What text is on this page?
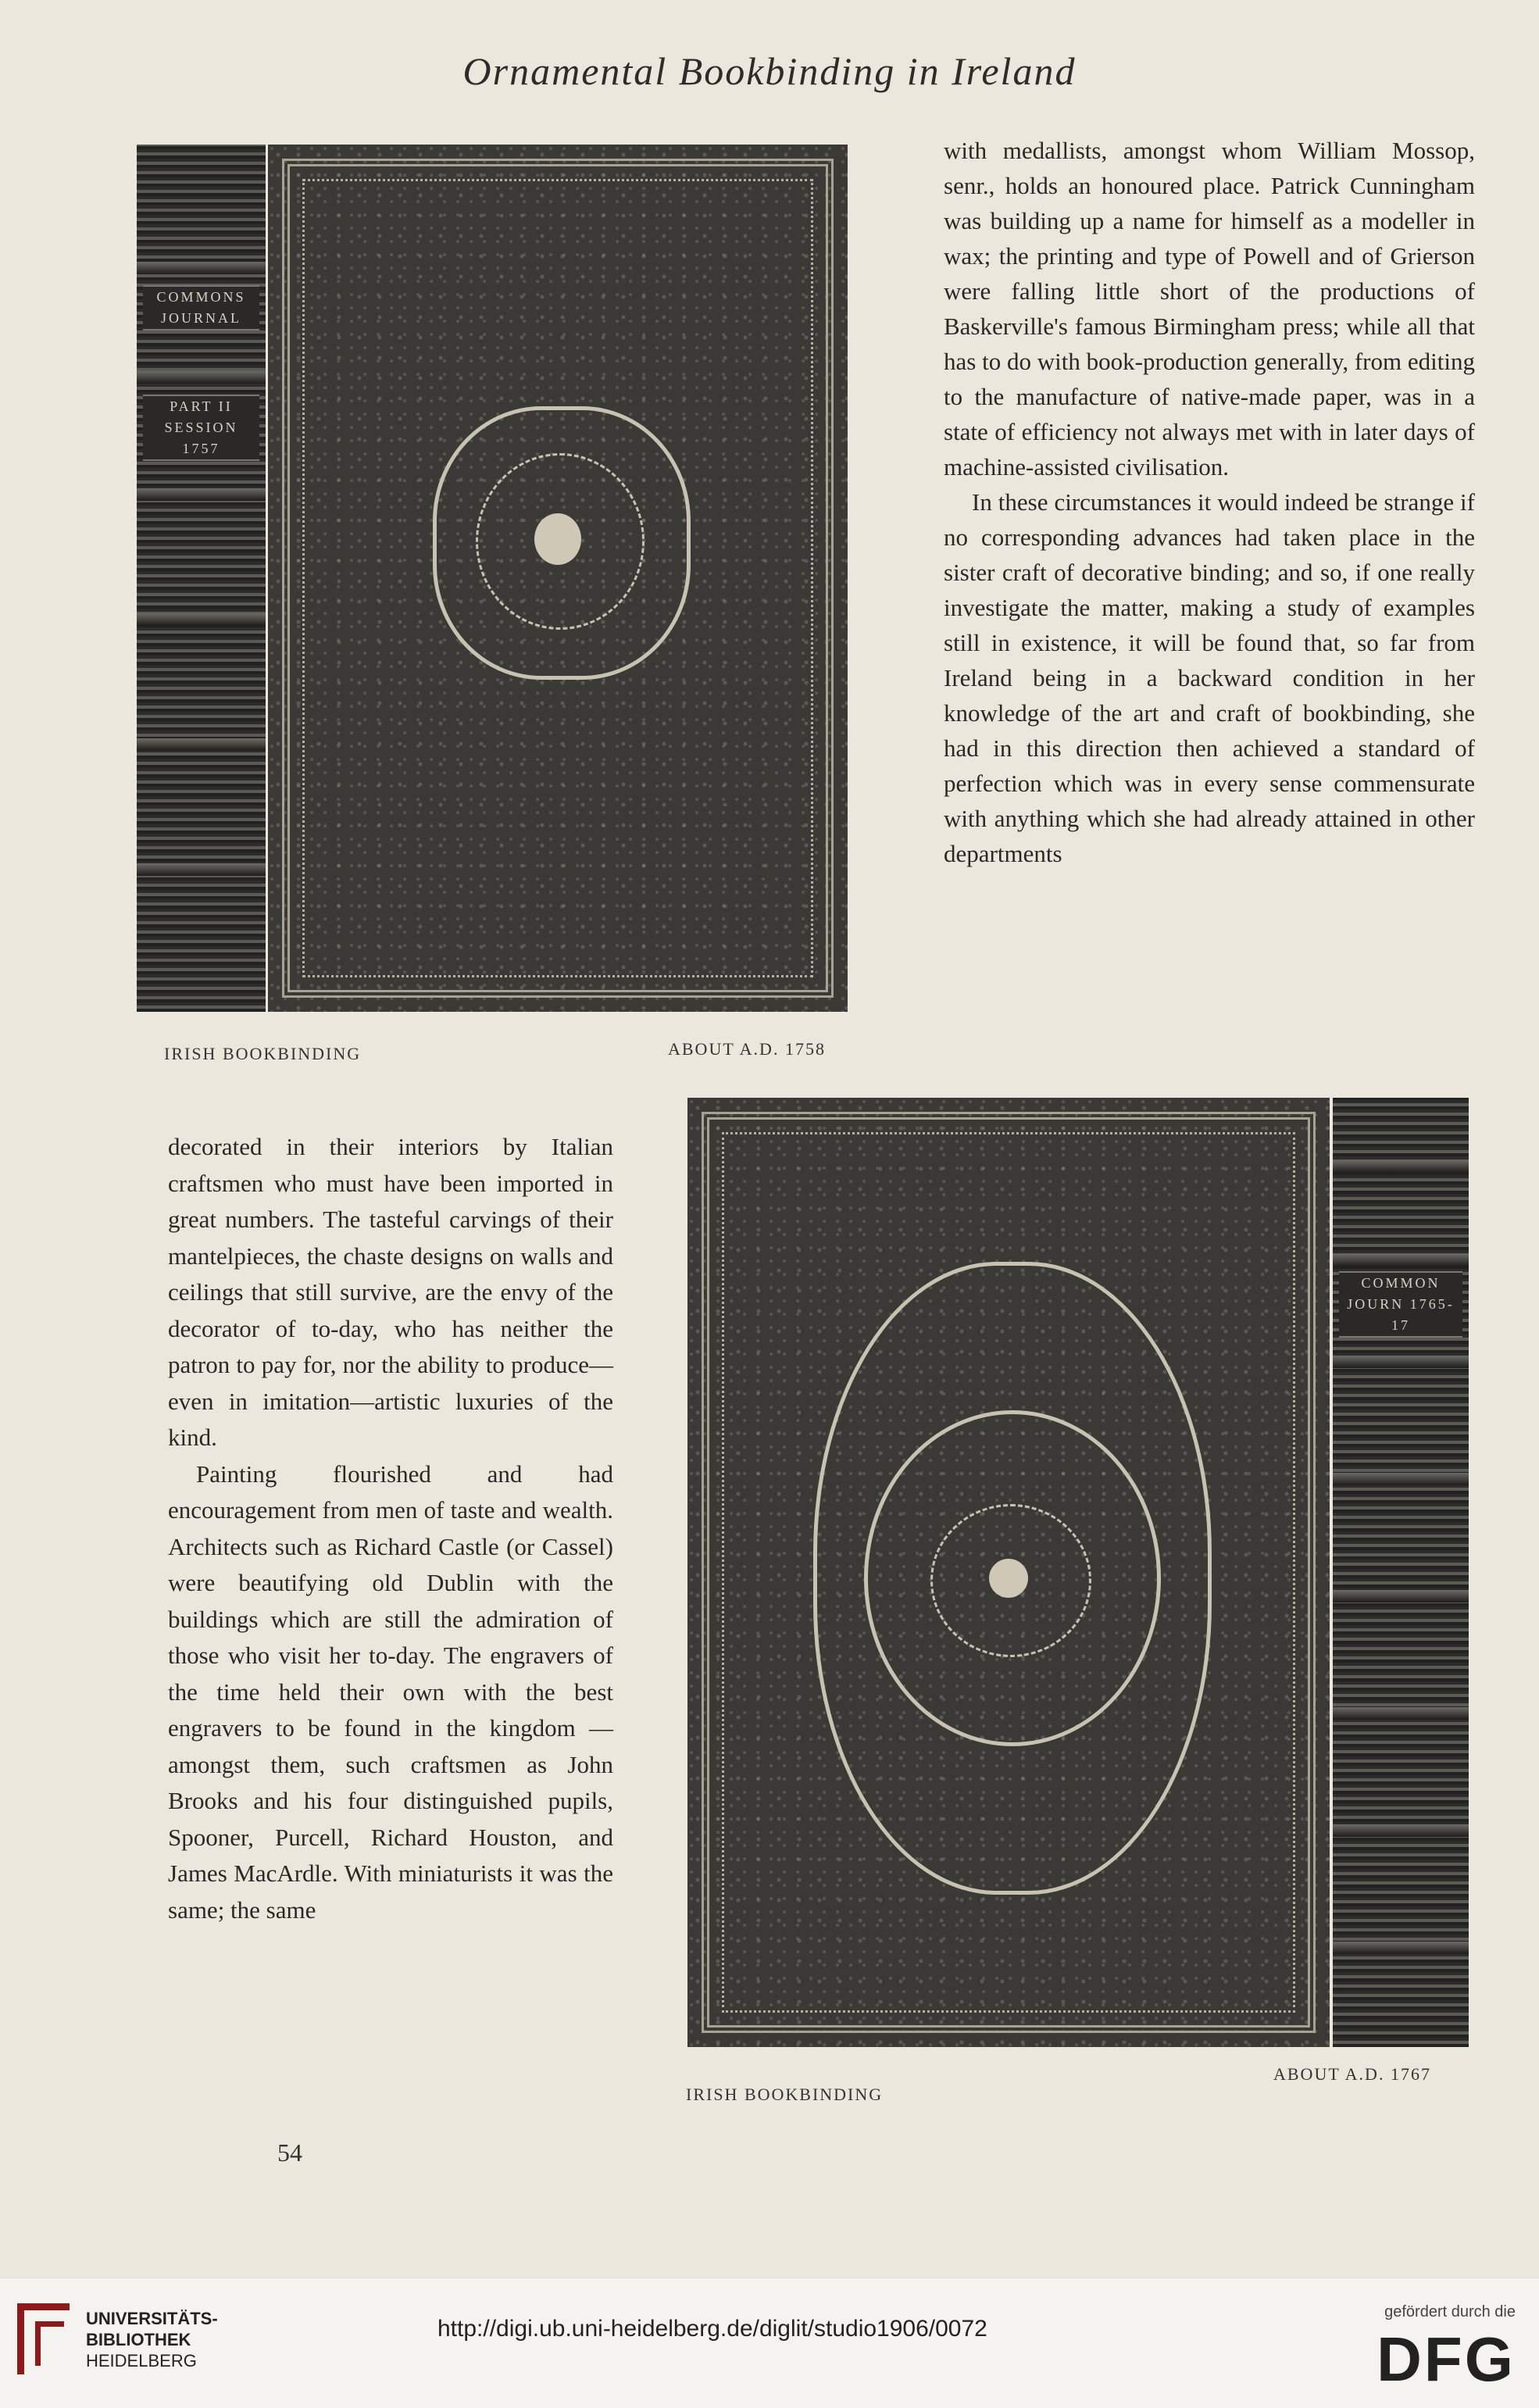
Ornamental Bookbinding in Ireland
COMMONS JOURNAL
PART II SESSION 1757
IRISH BOOKBINDING	ABOUT A.D. 1758

with medallists, amongst whom William Mossop, senr., holds an honoured place. Patrick Cunningham was building up a name for himself as a modeller in wax; the printing and type of Powell and of Grierson were falling little short of the productions of Baskerville's famous Birmingham press; while all that has to do with book-production generally, from editing to the manufacture of native-made paper, was in a state of efficiency not always met with in later days of machine-assisted civilisation.

In these circumstances it would indeed be strange if no corresponding advances had taken place in the sister craft of decorative binding; and so, if one really investigate the matter, making a study of examples still in existence, it will be found that, so far from Ireland being in a backward condition in her knowledge of the art and craft of bookbinding, she had in this direction then achieved a standard of perfection which was in every sense commensurate with anything which she had already attained in other departments

COMMON JOURN 1765-17
IRISH BOOKBINDING
ABOUT A.D. 1767

decorated in their interiors by Italian craftsmen who must have been imported in great numbers. The tasteful carvings of their mantelpieces, the chaste designs on walls and ceilings that still survive, are the envy of the decorator of to-day, who has neither the patron to pay for, nor the ability to produce—even in imitation—artistic luxuries of the kind.

Painting flourished and had encouragement from men of taste and wealth. Architects such as Richard Castle (or Cassel) were beautifying old Dublin with the buildings which are still the admiration of those who visit her to-day. The engravers of the time held their own with the best engravers to be found in the kingdom — amongst them, such craftsmen as John Brooks and his four distinguished pupils, Spooner, Purcell, Richard Houston, and James MacArdle. With miniaturists it was the same; the same

54
UNIVERSITÄTS-
BIBLIOTHEK
HEIDELBERG
http://digi.ub.uni-heidelberg.de/diglit/studio1906/0072
gefördert durch die
DFG
